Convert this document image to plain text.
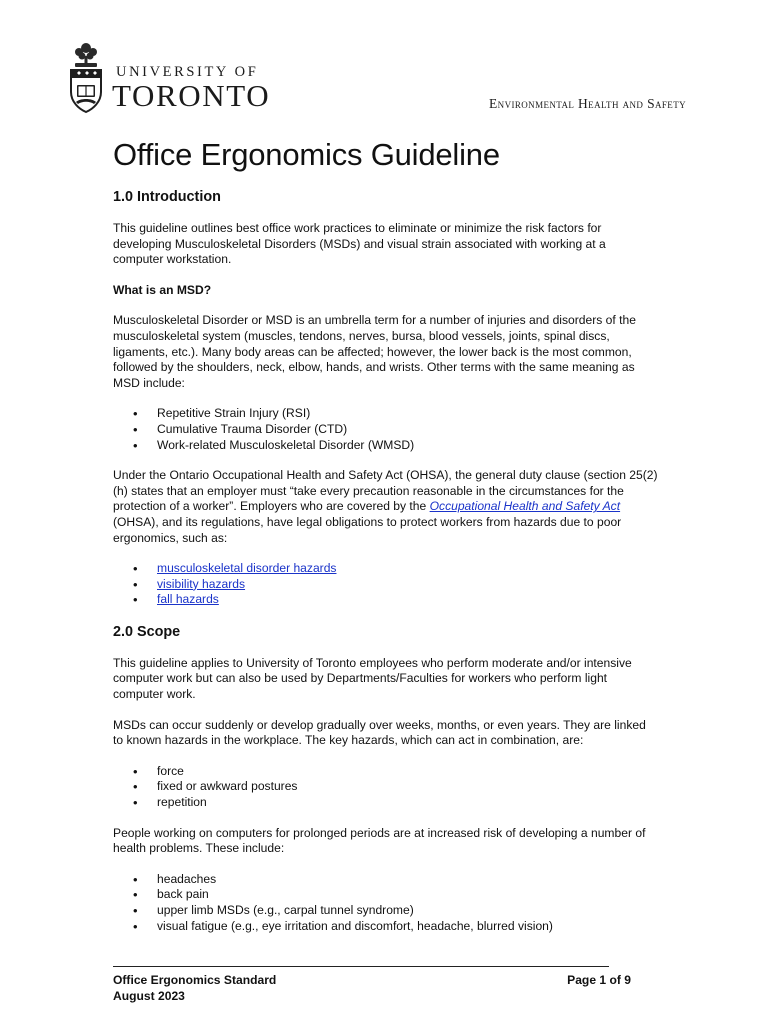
UNIVERSITY OF
TORONTO	Environmental Health and Safety
Office Ergonomics Guideline
1.0 Introduction

This guideline outlines best office work practices to eliminate or minimize the risk factors for developing Musculoskeletal Disorders (MSDs) and visual strain associated with working at a computer workstation.

What is an MSD?

Musculoskeletal Disorder or MSD is an umbrella term for a number of injuries and disorders of the musculoskeletal system (muscles, tendons, nerves, bursa, blood vessels, joints, spinal discs, ligaments, etc.). Many body areas can be affected; however, the lower back is the most common, followed by the shoulders, neck, elbow, hands, and wrists. Other terms with the same meaning as MSD include:

• Repetitive Strain Injury (RSI)
• Cumulative Trauma Disorder (CTD)
• Work-related Musculoskeletal Disorder (WMSD)

Under the Ontario Occupational Health and Safety Act (OHSA), the general duty clause (section 25(2)(h) states that an employer must “take every precaution reasonable in the circumstances for the protection of a worker”. Employers who are covered by the Occupational Health and Safety Act (OHSA), and its regulations, have legal obligations to protect workers from hazards due to poor ergonomics, such as:

• musculoskeletal disorder hazards
• visibility hazards
• fall hazards
2.0 Scope

This guideline applies to University of Toronto employees who perform moderate and/or intensive computer work but can also be used by Departments/Faculties for workers who perform light computer work.

MSDs can occur suddenly or develop gradually over weeks, months, or even years. They are linked to known hazards in the workplace. The key hazards, which can act in combination, are:

• force
• fixed or awkward postures
• repetition

People working on computers for prolonged periods are at increased risk of developing a number of health problems. These include:

• headaches
• back pain
• upper limb MSDs (e.g., carpal tunnel syndrome)
• visual fatigue (e.g., eye irritation and discomfort, headache, blurred vision)
Office Ergonomics Standard	Page 1 of 9
August 2023
